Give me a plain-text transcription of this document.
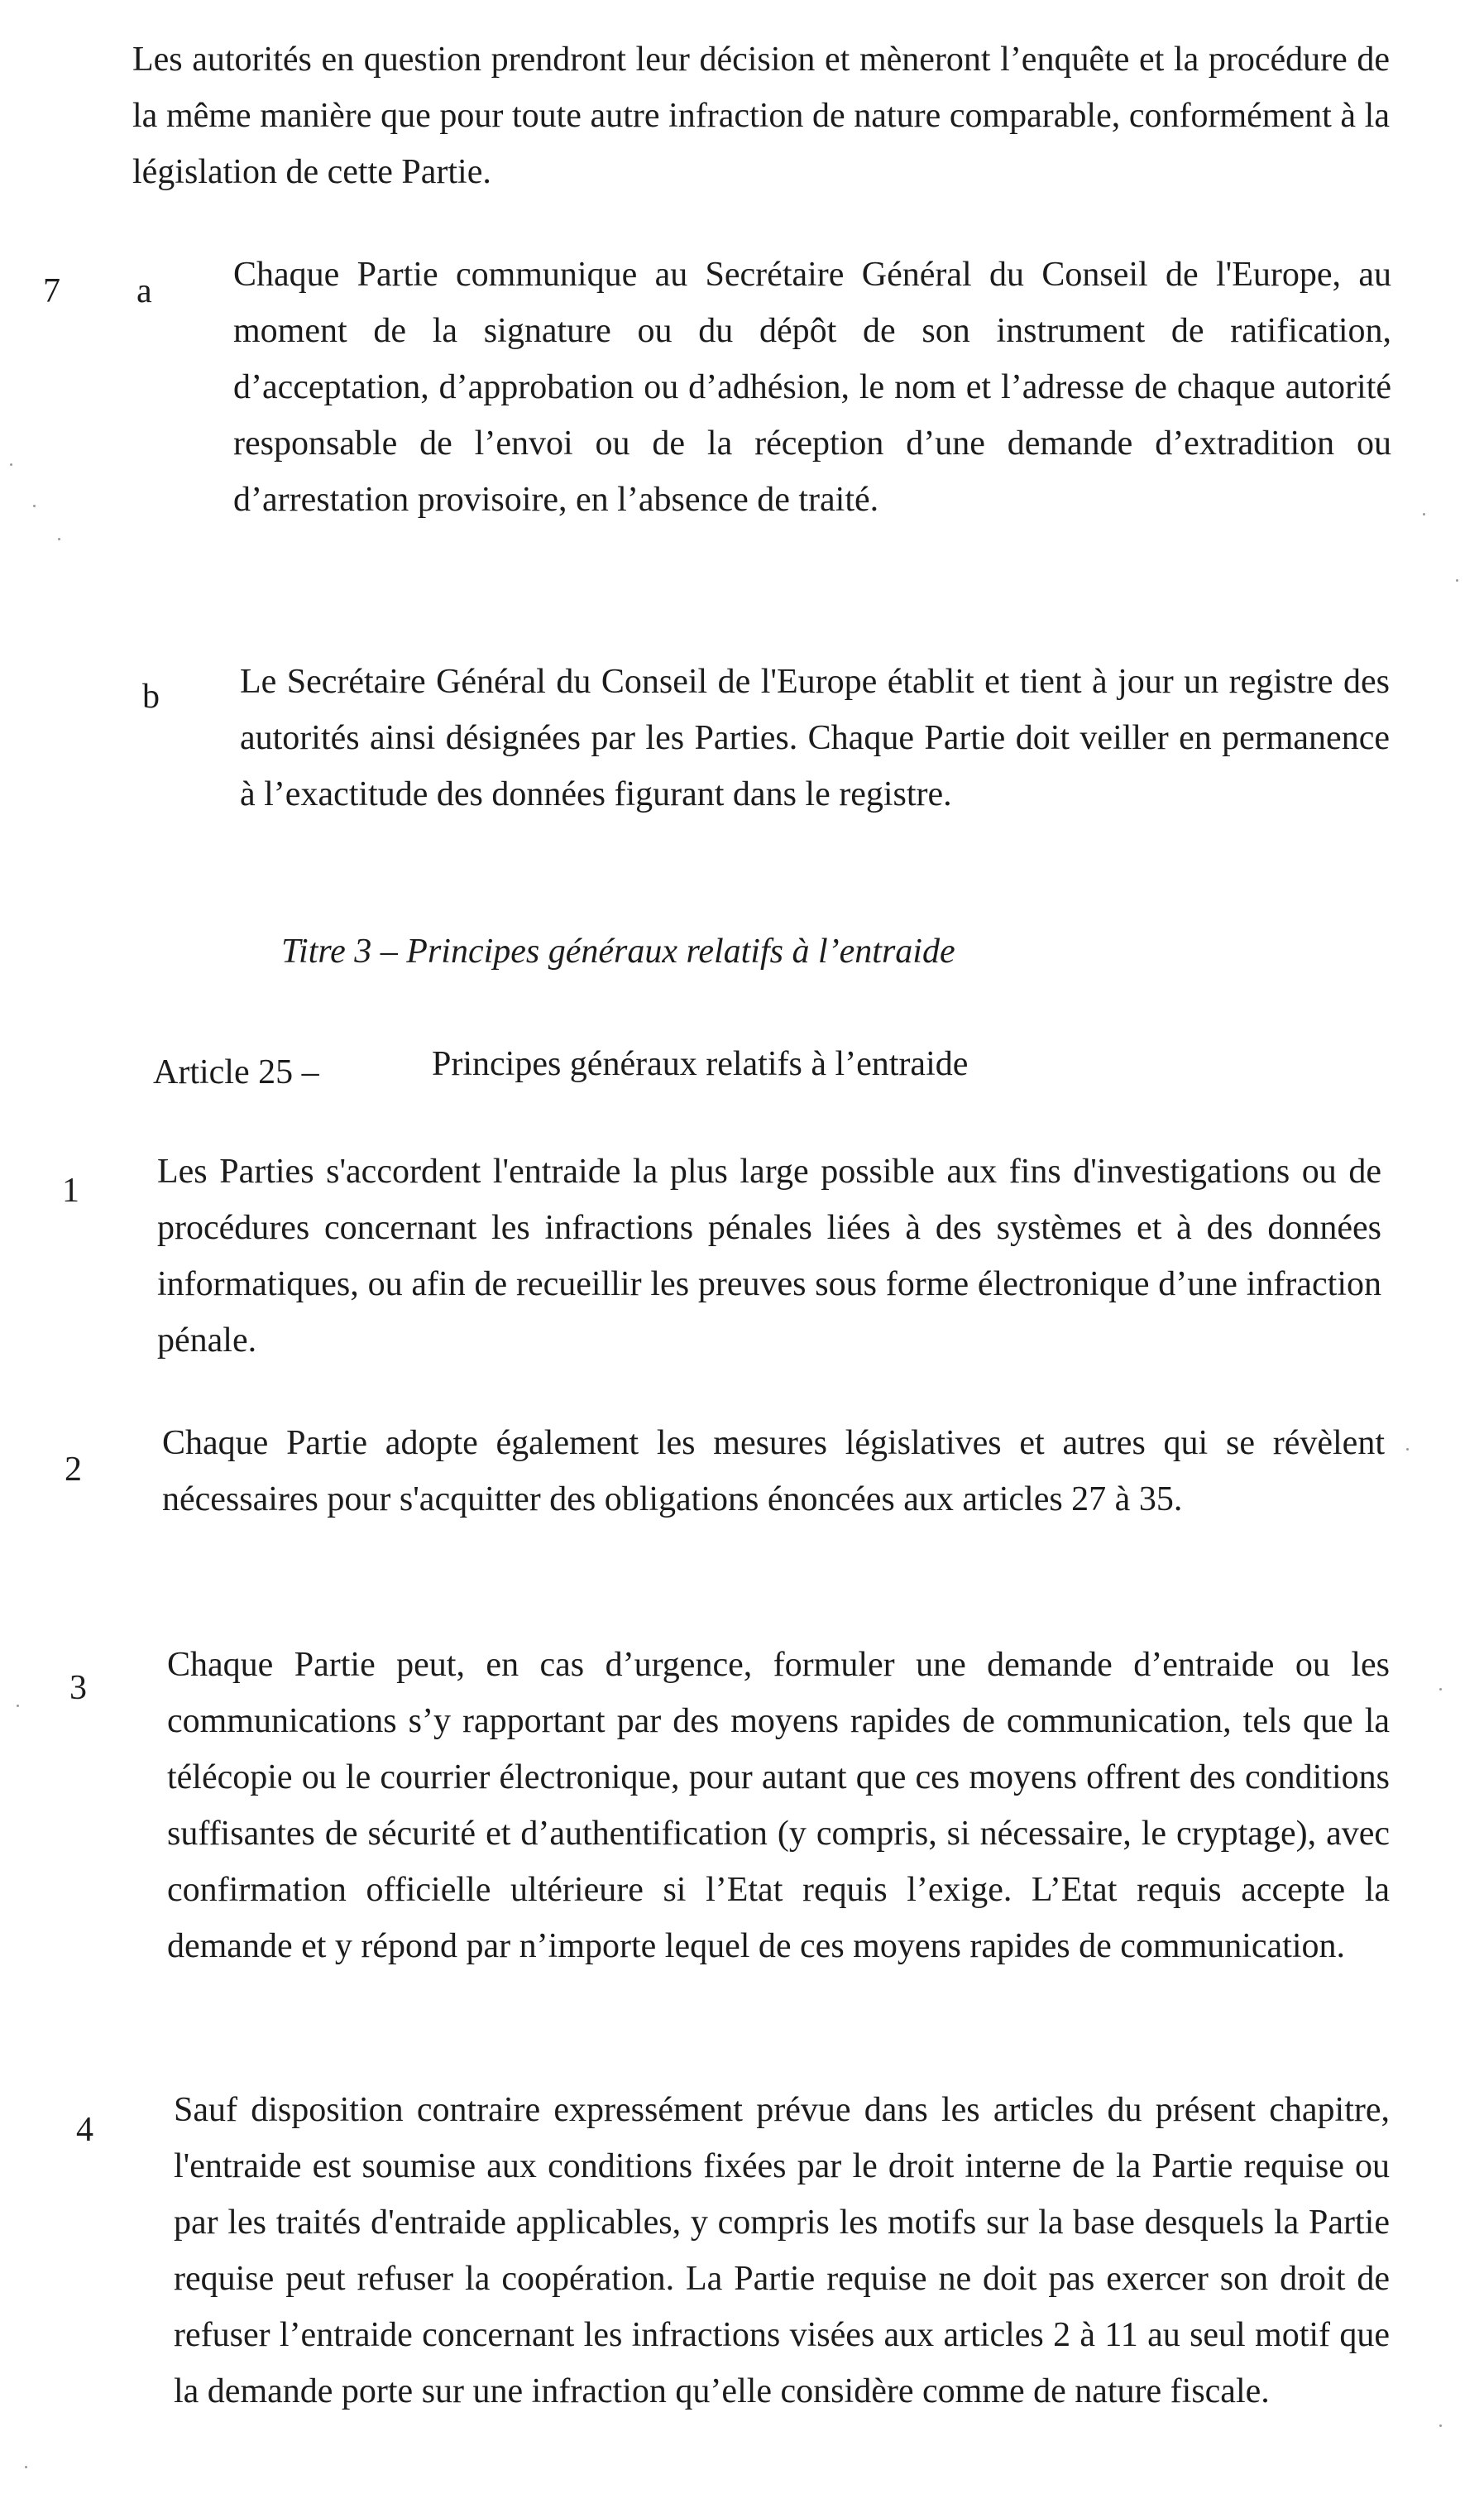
Les autorités en question prendront leur décision et mèneront l’enquête et la procédure de la même manière que pour toute autre infraction de nature comparable, conformément à la législation de cette Partie.

7 a Chaque Partie communique au Secrétaire Général du Conseil de l'Europe, au moment de la signature ou du dépôt de son instrument de ratification, d’acceptation, d’approbation ou d’adhésion, le nom et l’adresse de chaque autorité responsable de l’envoi ou de la réception d’une demande d’extradition ou d’arrestation provisoire, en l’absence de traité.

b Le Secrétaire Général du Conseil de l'Europe établit et tient à jour un registre des autorités ainsi désignées par les Parties. Chaque Partie doit veiller en permanence à l’exactitude des données figurant dans le registre.

Titre 3 – Principes généraux relatifs à l’entraide
Article 25 –	Principes généraux relatifs à l’entraide
1 Les Parties s'accordent l'entraide la plus large possible aux fins d'investigations ou de procédures concernant les infractions pénales liées à des systèmes et à des données informatiques, ou afin de recueillir les preuves sous forme électronique d’une infraction pénale.

2

Chaque Partie adopte également les mesures législatives et autres qui se révèlent nécessaires pour s'acquitter des obligations énoncées aux articles 27 à 35.

3

Chaque Partie peut, en cas d’urgence, formuler une demande d’entraide ou les communications s’y rapportant par des moyens rapides de communication, tels que la télécopie ou le courrier électronique, pour autant que ces moyens offrent des conditions suffisantes de sécurité et d’authentification (y compris, si nécessaire, le cryptage), avec confirmation officielle ultérieure si l’Etat requis l’exige. L’Etat requis accepte la demande et y répond par n’importe lequel de ces moyens rapides de communication.

4

Sauf disposition contraire expressément prévue dans les articles du présent chapitre, l'entraide est soumise aux conditions fixées par le droit interne de la Partie requise ou par les traités d'entraide applicables, y compris les motifs sur la base desquels la Partie requise peut refuser la coopération. La Partie requise ne doit pas exercer son droit de refuser l’entraide concernant les infractions visées aux articles 2 à 11 au seul motif que la demande porte sur une infraction qu’elle considère comme de nature fiscale.
